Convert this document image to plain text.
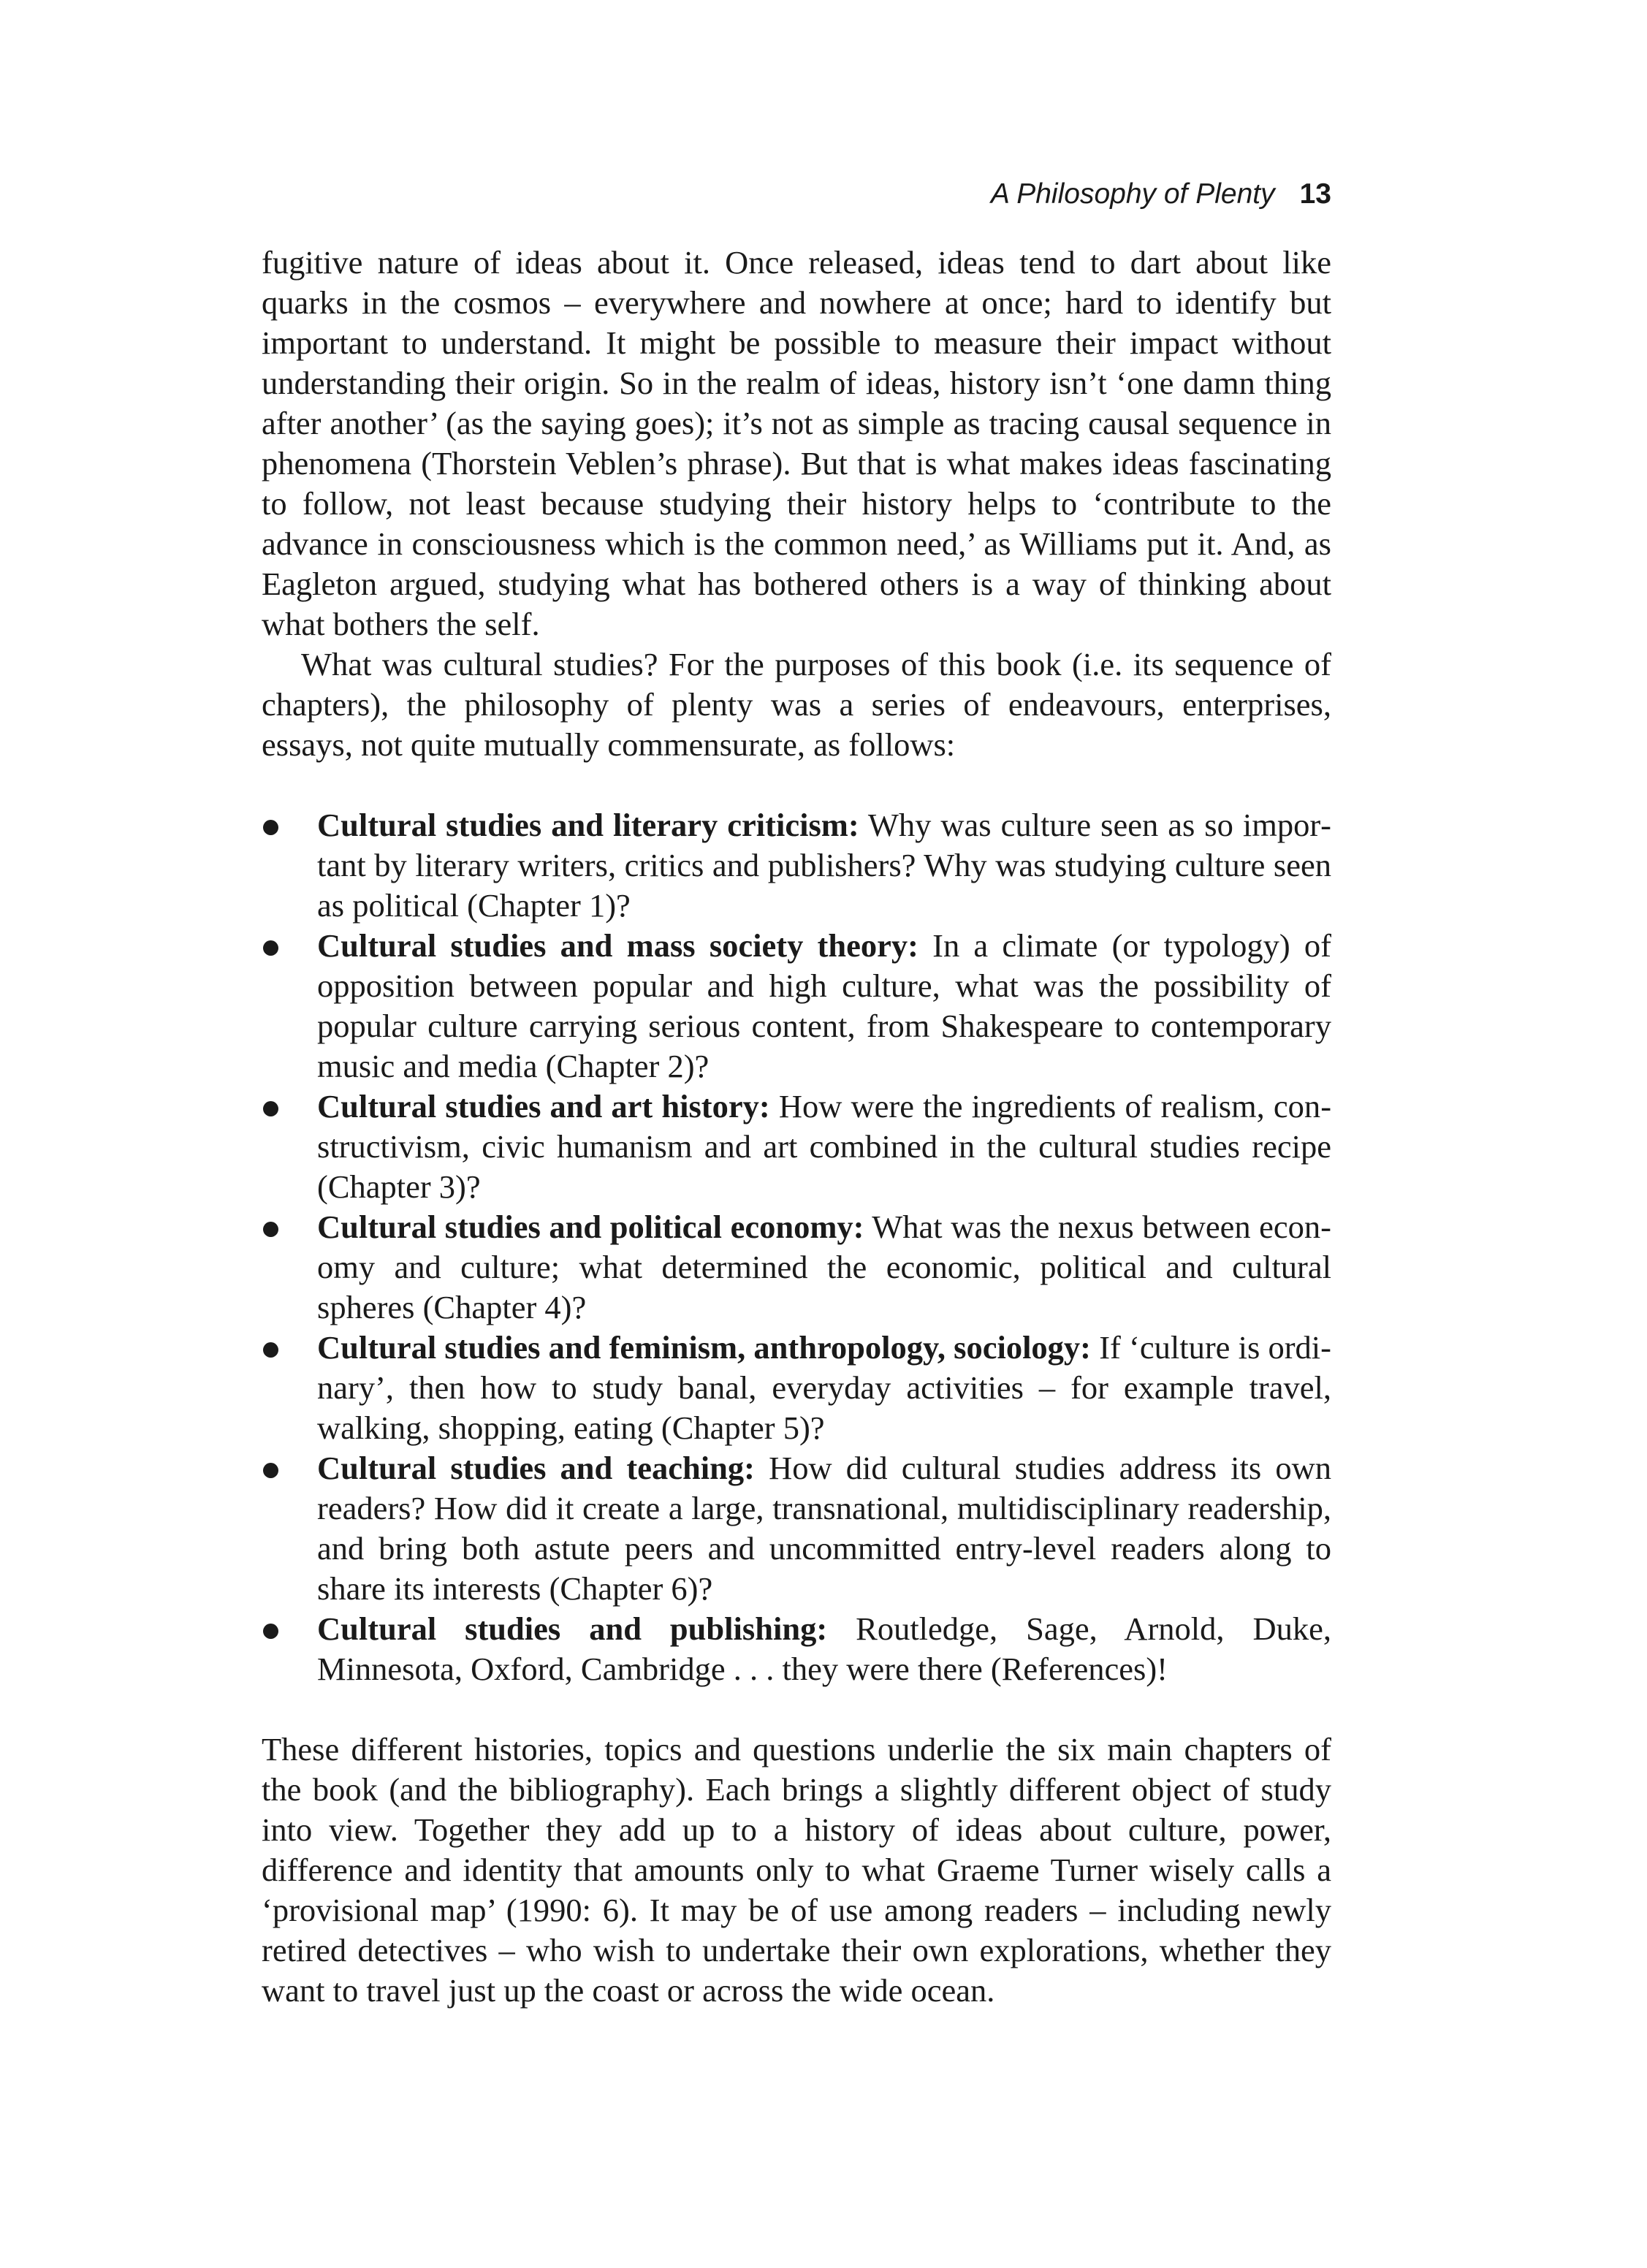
A Philosophy of Plenty 13

fugitive nature of ideas about it. Once released, ideas tend to dart about like quarks in the cosmos – everywhere and nowhere at once; hard to identify but important to understand. It might be possible to measure their impact without understanding their origin. So in the realm of ideas, history isn’t ‘one damn thing after another’ (as the saying goes); it’s not as simple as tracing causal sequence in phenomena (Thorstein Veblen’s phrase). But that is what makes ideas fascinating to follow, not least because studying their history helps to ‘contribute to the advance in consciousness which is the common need,’ as Williams put it. And, as Eagleton argued, studying what has bothered others is a way of thinking about what bothers the self.

What was cultural studies? For the purposes of this book (i.e. its sequence of chapters), the philosophy of plenty was a series of endeavours, enterprises, essays, not quite mutually commensurate, as follows:

Cultural studies and literary criticism: Why was culture seen as so important by literary writers, critics and publishers? Why was studying culture seen as political (Chapter 1)?
Cultural studies and mass society theory: In a climate (or typology) of opposition between popular and high culture, what was the possibility of popular culture carrying serious content, from Shakespeare to contemporary music and media (Chapter 2)?
Cultural studies and art history: How were the ingredients of realism, constructivism, civic humanism and art combined in the cultural studies recipe (Chapter 3)?
Cultural studies and political economy: What was the nexus between economy and culture; what determined the economic, political and cultural spheres (Chapter 4)?
Cultural studies and feminism, anthropology, sociology: If ‘culture is ordinary’, then how to study banal, everyday activities – for example travel, walking, shopping, eating (Chapter 5)?
Cultural studies and teaching: How did cultural studies address its own readers? How did it create a large, transnational, multidisciplinary readership, and bring both astute peers and uncommitted entry-level readers along to share its interests (Chapter 6)?
Cultural studies and publishing: Routledge, Sage, Arnold, Duke, Minnesota, Oxford, Cambridge . . . they were there (References)!

These different histories, topics and questions underlie the six main chapters of the book (and the bibliography). Each brings a slightly different object of study into view. Together they add up to a history of ideas about culture, power, difference and identity that amounts only to what Graeme Turner wisely calls a ‘provisional map’ (1990: 6). It may be of use among readers – including newly retired detectives – who wish to undertake their own explorations, whether they want to travel just up the coast or across the wide ocean.
